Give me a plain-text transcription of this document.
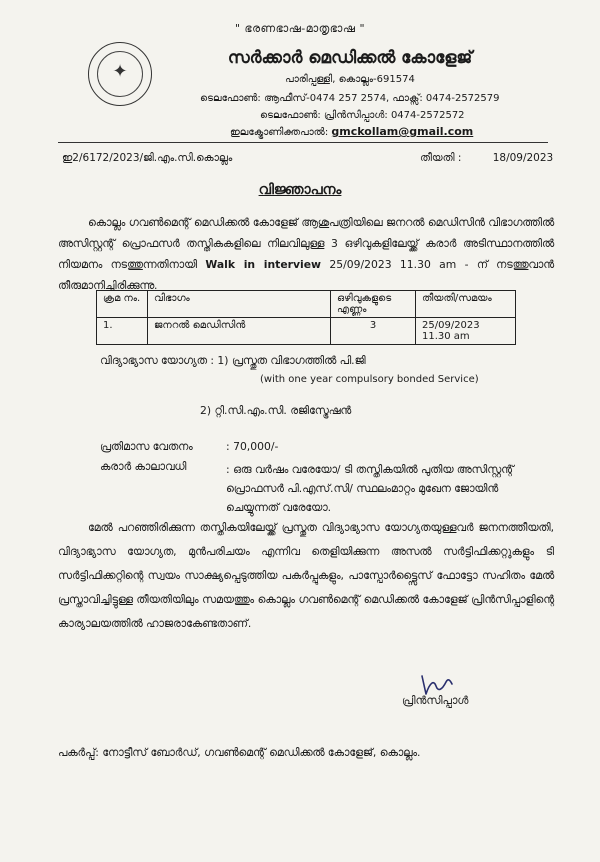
" ഭരണഭാഷ-മാതൃഭാഷ "
✦
സർക്കാർ മെഡിക്കൽ കോളേജ്
പാരിപ്പള്ളി, കൊല്ലം-691574
ടെലഫോൺ: ആഫീസ്-0474 257 2574, ഫാക്സ്: 0474-2572579
ടെലഫോൺ: പ്രിൻസിപ്പാൾ: 0474-2572572
ഇലക്ട്രോണിക്തപാൽ: gmckollam@gmail.com
ഇ2/6172/2023/ജി.എം.സി.കൊല്ലം	തീയതി :	18/09/2023
വിജ്ഞാപനം
കൊല്ലം ഗവൺമെന്റ് മെഡിക്കൽ കോളേജ് ആശുപത്രിയിലെ ജനറൽ മെഡിസിൻ വിഭാഗത്തിൽ അസിസ്റ്റന്റ് പ്രൊഫസർ തസ്തികകളിലെ നിലവിലുള്ള 3 ഒഴിവുകളിലേയ്ക്ക് കരാർ അടിസ്ഥാനത്തിൽ നിയമനം നടത്തുന്നതിനായി Walk in interview 25/09/2023 11.30 am - ന് നടത്തുവാൻ തീരുമാനിച്ചിരിക്കുന്നു.
ക്രമ നം.	വിഭാഗം	ഒഴിവുകളുടെ എണ്ണം	തീയതി/സമയം
1.	ജനറൽ മെഡിസിൻ	3	25/09/2023 11.30 am
വിദ്യാഭ്യാസ യോഗ്യത : 1) പ്രസ്തുത വിഭാഗത്തിൽ പി.ജി
(with one year compulsory bonded Service)
2) റ്റി.സി.എം.സി. രജിസ്ട്രേഷൻ
പ്രതിമാസ വേതനം	: 70,000/-
കരാർ കാലാവധി	: ഒരു വർഷം വരേയോ/ ടി തസ്തികയിൽ പുതിയ അസിസ്റ്റന്റ് പ്രൊഫസർ പി.എസ്.സി/ സ്ഥലംമാറ്റം മുഖേന ജോയിൻ ചെയ്യുന്നത് വരേയോ.
മേൽ പറഞ്ഞിരിക്കുന്ന തസ്തികയിലേയ്ക്ക് പ്രസ്തുത വിദ്യാഭ്യാസ യോഗ്യതയുള്ളവർ ജനനത്തീയതി, വിദ്യാഭ്യാസ യോഗ്യത, മുൻപരിചയം എന്നിവ തെളിയിക്കുന്ന അസൽ സർട്ടിഫിക്കറ്റുകളും ടി സർട്ടിഫിക്കറ്റിന്റെ സ്വയം സാക്ഷ്യപ്പെടുത്തിയ പകർപ്പുകളും, പാസ്പോർട്ട്സൈസ് ഫോട്ടോ സഹിതം മേൽ പ്രസ്താവിച്ചിട്ടുള്ള തീയതിയിലും സമയത്തും കൊല്ലം ഗവൺമെന്റ് മെഡിക്കൽ കോളേജ് പ്രിൻസിപ്പാളിന്റെ കാര്യാലയത്തിൽ ഹാജരാകേണ്ടതാണ്.
പ്രിൻസിപ്പാൾ
പകർപ്പ്: നോട്ടീസ് ബോർഡ്, ഗവൺമെന്റ് മെഡിക്കൽ കോളേജ്, കൊല്ലം.
